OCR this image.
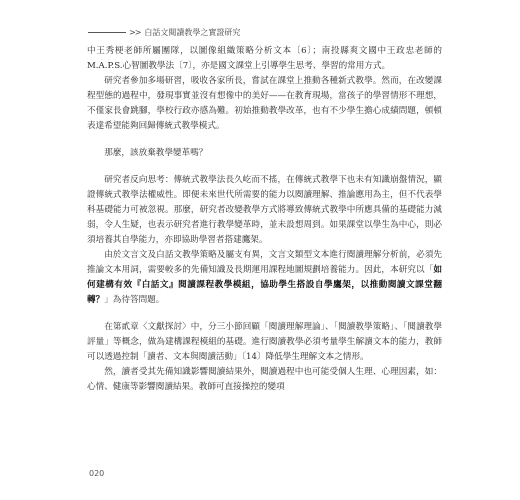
>> 白話文閱讀教學之實證研究

中王秀梗老師所屬團隊，以圖像組織策略分析文本〔6〕；南投縣爽文國中王政忠老師的M.A.P.S.心智圖教學法〔7〕，亦是國文課堂上引導學生思考、學習的常用方式。

研究者參加多場研習，吸收各家所長，嘗試在課堂上推動各種新式教學。然而，在改變課程型態的過程中，發現事實並沒有想像中的美好——在教育現場，當孩子的學習情形不理想，不僅家長會跳腳，學校行政亦感為難。初始推動教學改革，也有不少學生擔心成績問題，頓頓表達希望能夠回歸傳統式教學模式。

那麼，該放棄教學變革嗎？

研究者反向思考：傳統式教學法長久屹而不搖，在傳統式教學下也未有知識崩盤情況，顯證傳統式教學法權威性。即便未來世代所需要的能力以閱讀理解、推論應用為主，但不代表學科基礎能力可被忽視。那麼，研究者改變教學方式將導致傳統式教學中所應具備的基礎能力減弱，令人生疑，也表示研究者進行教學變革時，並未設想周到。如果課堂以學生為中心，則必須培養其自學能力，亦即協助學習者搭建鷹架。

由於文言文及白話文教學策略及屬支有異，文言文類型文本進行閱讀理解分析前，必須先推論文本用詞，需要較多的先備知識及長期運用課程地圖規劃培養能力。因此，本研究以「如何建構有效『白話文』閱讀課程教學模組，協助學生搭設自學鷹架，以推動閱讀文課堂翻轉？」為待答問題。

在第貳章〈文獻探討〉中，分三小節回顧「閱讀理解理論」、「閱讀教學策略」、「閱讀教學評量」等概念，做為建構課程模組的基礎。進行閱讀教學必須考量學生解讀文本的能力，教師可以透過控制「讀者、文本與閱讀活動」〔14〕降低學生理解文本之情形。

然，讀者受其先備知識影響閱讀結果外，閱讀過程中也可能受個人生理、心理因素，如：心情、健康等影響閱讀結果。教師可直接操控的變項

020
